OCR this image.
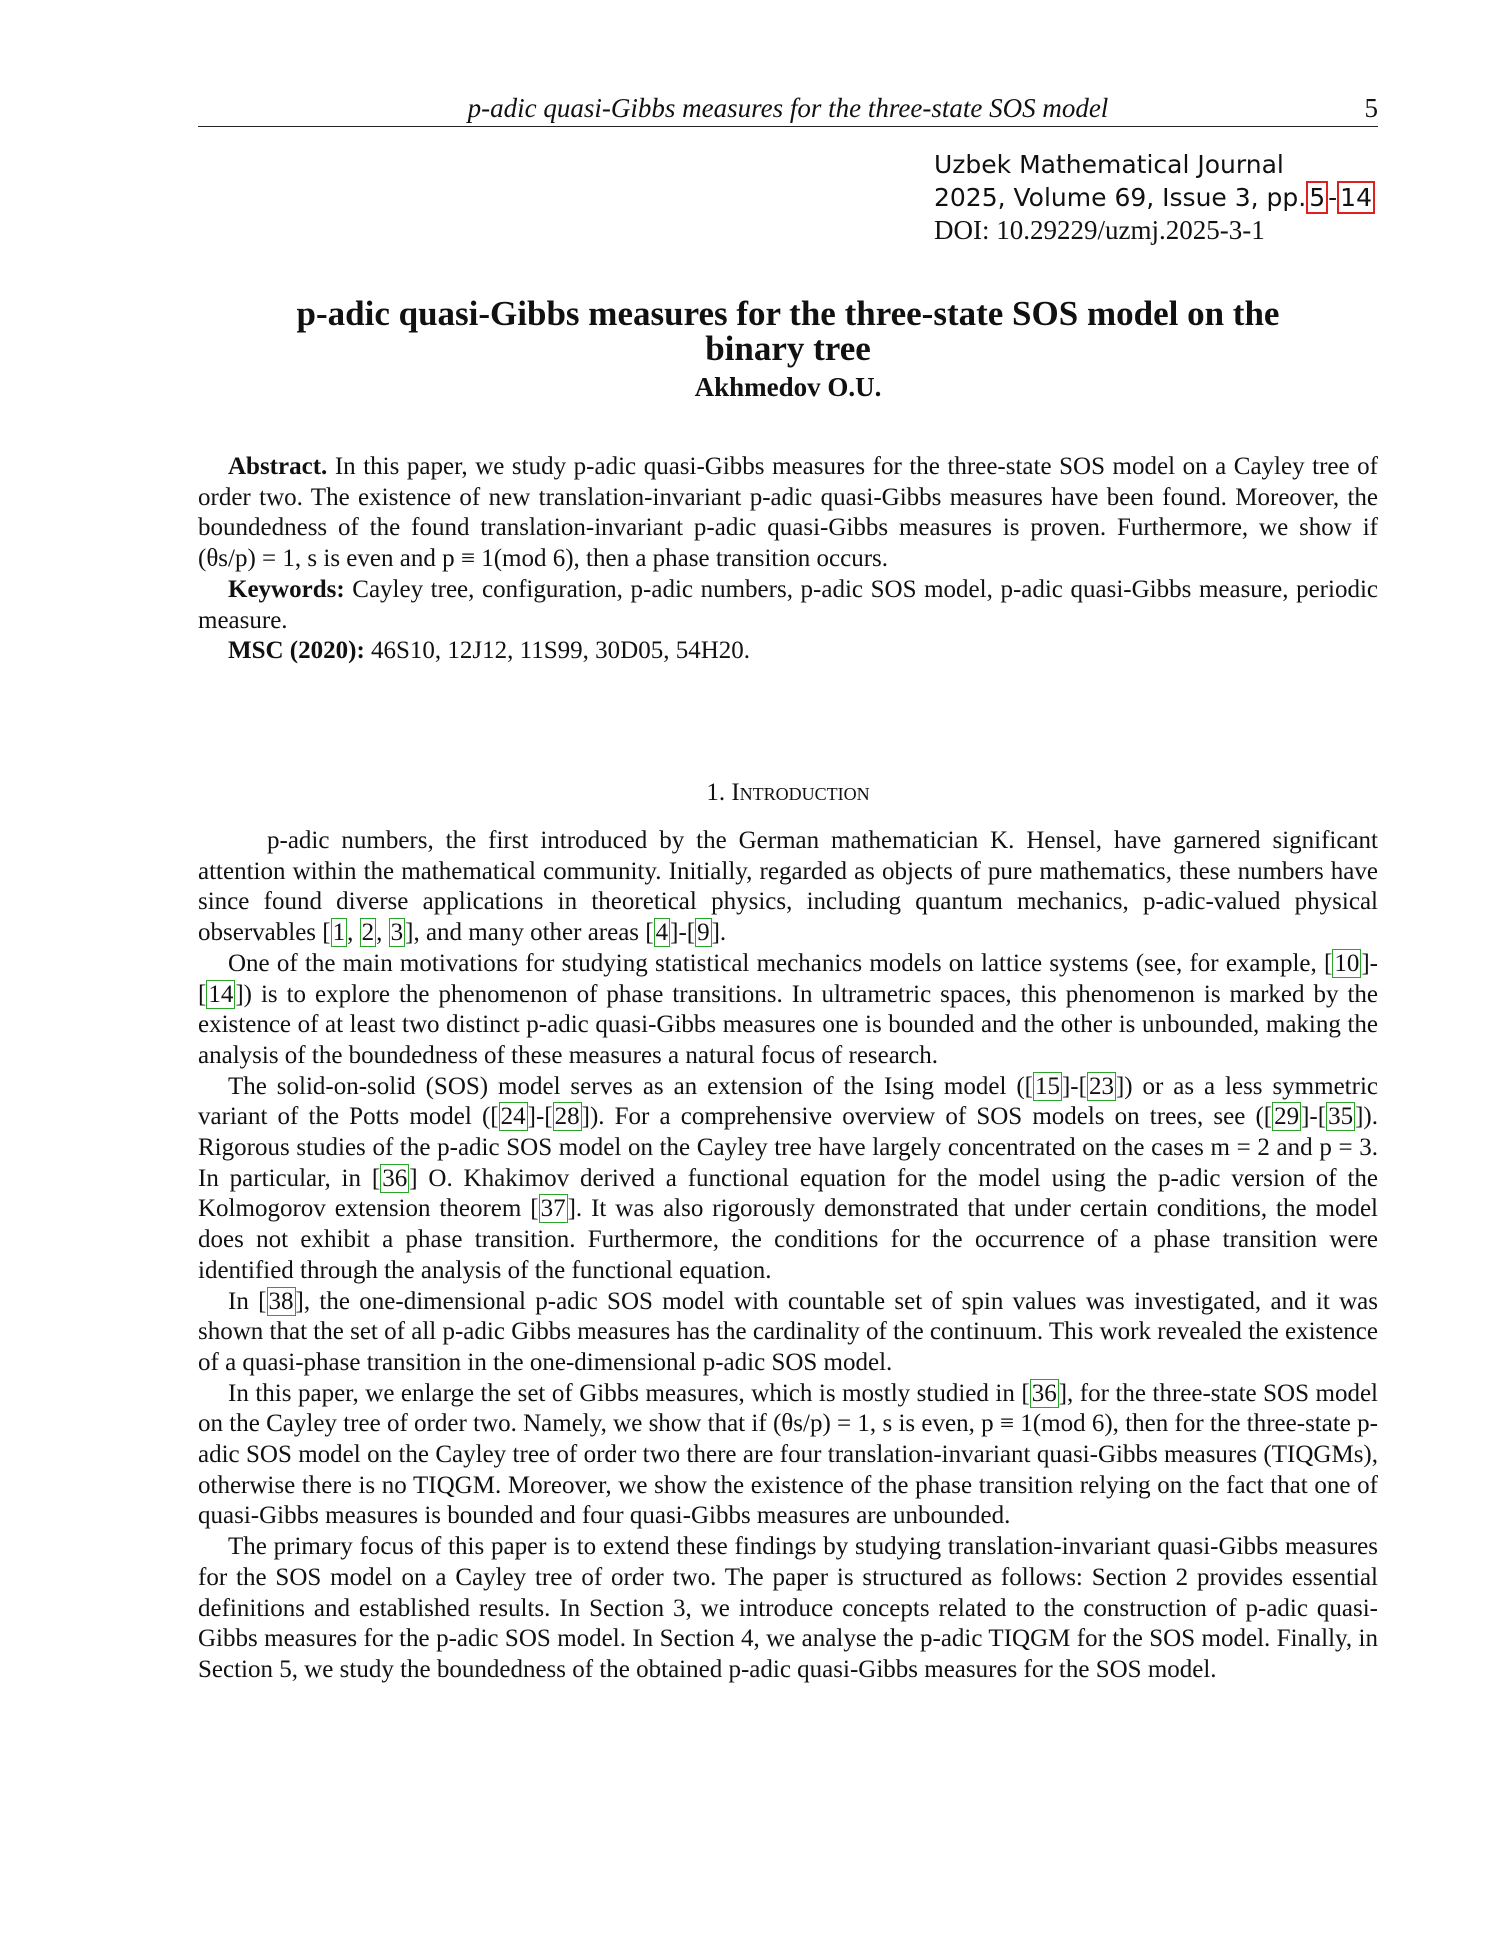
p-adic quasi-Gibbs measures for the three-state SOS model	5
Uzbek Mathematical Journal
2025, Volume 69, Issue 3, pp. 5 - 14
DOI: 10.29229/uzmj.2025-3-1
p-adic quasi-Gibbs measures for the three-state SOS model on the
binary tree
Akhmedov O.U.

Abstract. In this paper, we study p-adic quasi-Gibbs measures for the three-state SOS model on a Cayley tree of order two. The existence of new translation-invariant p-adic quasi-Gibbs measures have been found. Moreover, the boundedness of the found translation-invariant p-adic quasi-Gibbs measures is proven. Furthermore, we show if (θs/p) = 1, s is even and p ≡ 1(mod 6), then a phase transition occurs.

Keywords: Cayley tree, configuration, p-adic numbers, p-adic SOS model, p-adic quasi-Gibbs measure, periodic measure.

MSC (2020): 46S10, 12J12, 11S99, 30D05, 54H20.

1. Introduction

p-adic numbers, the first introduced by the German mathematician K. Hensel, have garnered significant attention within the mathematical community. Initially, regarded as objects of pure mathematics, these numbers have since found diverse applications in theoretical physics, including quantum mechanics, p-adic-valued physical observables [1, 2, 3], and many other areas [4]-[9].

One of the main motivations for studying statistical mechanics models on lattice systems (see, for example, [10]-[14]) is to explore the phenomenon of phase transitions. In ultrametric spaces, this phenomenon is marked by the existence of at least two distinct p-adic quasi-Gibbs measures one is bounded and the other is unbounded, making the analysis of the boundedness of these measures a natural focus of research.

The solid-on-solid (SOS) model serves as an extension of the Ising model ([15]-[23]) or as a less symmetric variant of the Potts model ([24]-[28]). For a comprehensive overview of SOS models on trees, see ([29]-[35]). Rigorous studies of the p-adic SOS model on the Cayley tree have largely concentrated on the cases m = 2 and p = 3. In particular, in [36] O. Khakimov derived a functional equation for the model using the p-adic version of the Kolmogorov extension theorem [37]. It was also rigorously demonstrated that under certain conditions, the model does not exhibit a phase transition. Furthermore, the conditions for the occurrence of a phase transition were identified through the analysis of the functional equation.

In [38], the one-dimensional p-adic SOS model with countable set of spin values was investigated, and it was shown that the set of all p-adic Gibbs measures has the cardinality of the continuum. This work revealed the existence of a quasi-phase transition in the one-dimensional p-adic SOS model.

In this paper, we enlarge the set of Gibbs measures, which is mostly studied in [36], for the three-state SOS model on the Cayley tree of order two. Namely, we show that if (θs/p) = 1, s is even, p ≡ 1(mod 6), then for the three-state p-adic SOS model on the Cayley tree of order two there are four translation-invariant quasi-Gibbs measures (TIQGMs), otherwise there is no TIQGM. Moreover, we show the existence of the phase transition relying on the fact that one of quasi-Gibbs measures is bounded and four quasi-Gibbs measures are unbounded.

The primary focus of this paper is to extend these findings by studying translation-invariant quasi-Gibbs measures for the SOS model on a Cayley tree of order two. The paper is structured as follows: Section 2 provides essential definitions and established results. In Section 3, we introduce concepts related to the construction of p-adic quasi-Gibbs measures for the p-adic SOS model. In Section 4, we analyse the p-adic TIQGM for the SOS model. Finally, in Section 5, we study the boundedness of the obtained p-adic quasi-Gibbs measures for the SOS model.
